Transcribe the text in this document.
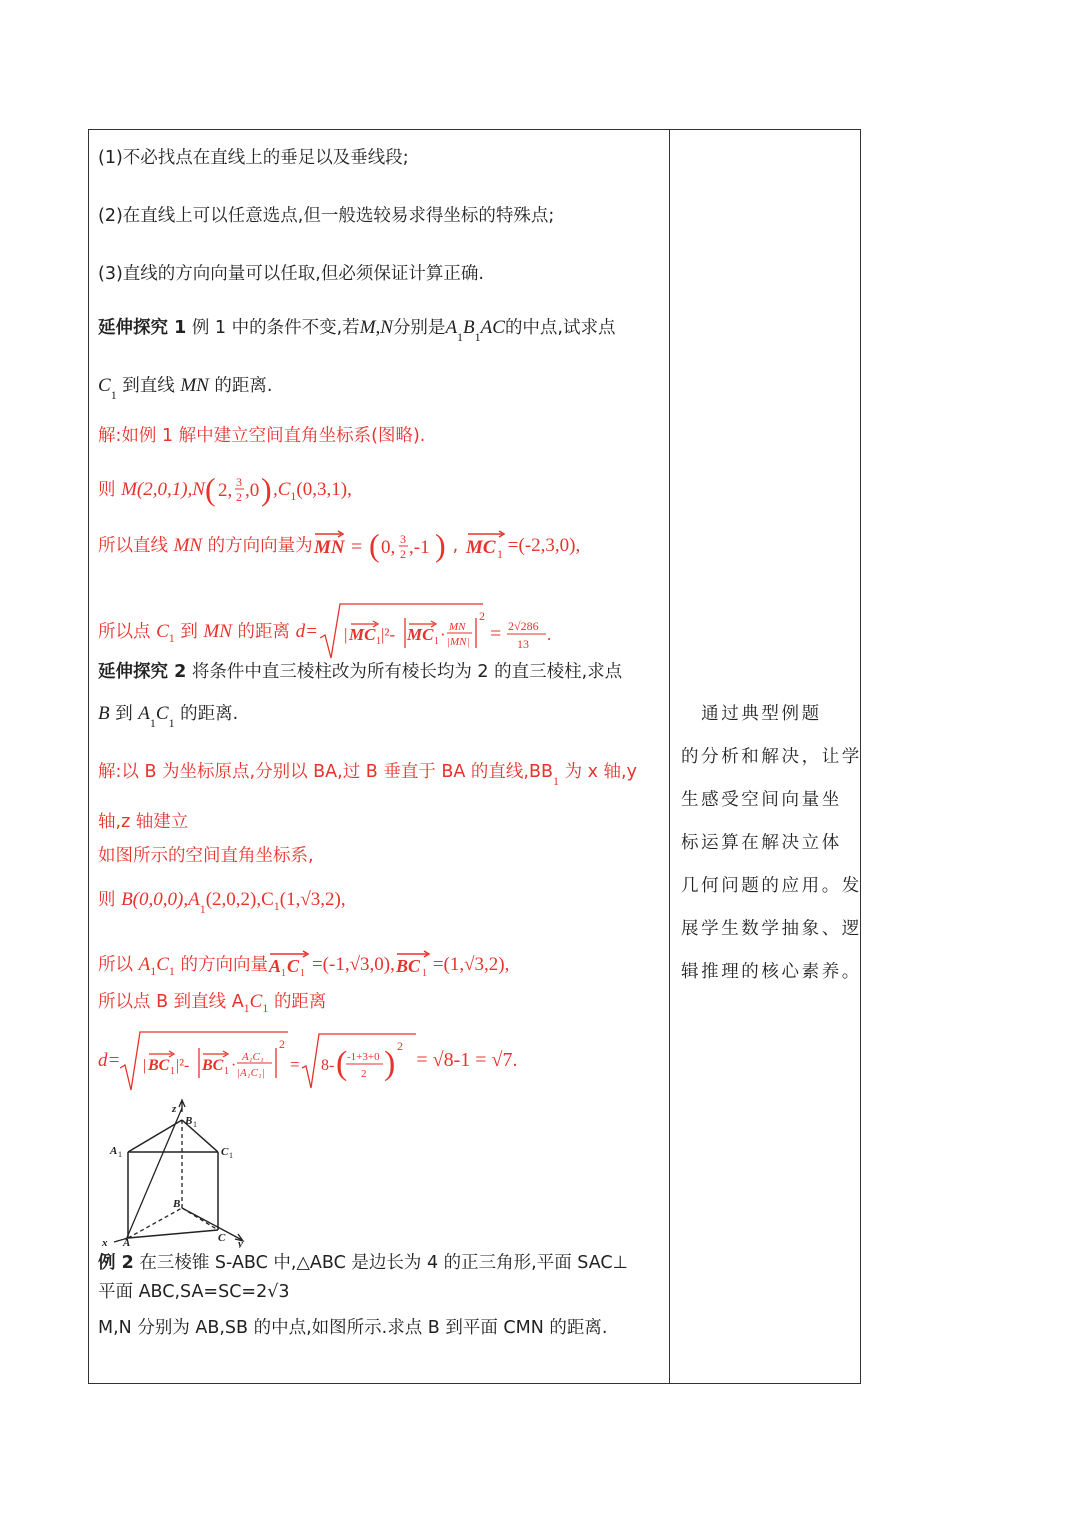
(1)不必找点在直线上的垂足以及垂线段;
(2)在直线上可以任意选点,但一般选较易求得坐标的特殊点;
(3)直线的方向向量可以任取,但必须保证计算正确.
延伸探究 1 例 1 中的条件不变,若M,N分别是$A_1B_1AC$的中点,试求点
$C_1$ 到直线 MN 的距离.
解:如例 1 解中建立空间直角坐标系(图略).
则 M(2,0,1),N ( 2, 3
2 ,0 ) $,C_1(0,3,1)$,
所以直线 MN 的方向向量为 MN = ( 0, 3
2 ,-1 ) , MC 1 =(-2,3,0),
所以点 $C_1$ 到 MN 的距离 d= | MC 1 |²- MC 1 · MN
|MN|
2
= 2√286
13 .
延伸探究 2 将条件中直三棱柱改为所有棱长均为 2 的直三棱柱,求点
B 到 $A_1C_1$ 的距离.
解:以 B 为坐标原点,分别以 BA,过 B 垂直于 BA 的直线$,BB_1$ 为 x 轴,y
轴,z 轴建立
如图所示的空间直角坐标系,
则 $B(0,0,0),A_1(2,0,2),C_1(1,√3,2)$,
所以 $A_1C_1$ 的方向向量 A 1 C 1 =(-1,√3,0), BC 1 =(1,√3,2),
所以点 B 到直线 $A_1C_1$ 的距离
d= | BC 1 |²- BC 1 · A₁C₁
|A₁C₁|
2
= 8- ( -1+3+0
2 ) 2
= √8-1 = √7.
z
B 1
A 1	C 1
B
x A	C y
例 2 在三棱锥 S-ABC 中,△ABC 是边长为 4 的正三角形,平面 SAC⊥
平面 ABC,SA=SC=2√3
M,N 分别为 AB,SB 的中点,如图所示.求点 B 到平面 CMN 的距离.
　通过典型例题
的分析和解决，让学
生感受空间向量坐
标运算在解决立体
几何问题的应用。发
展学生数学抽象、逻
辑推理的核心素养。
